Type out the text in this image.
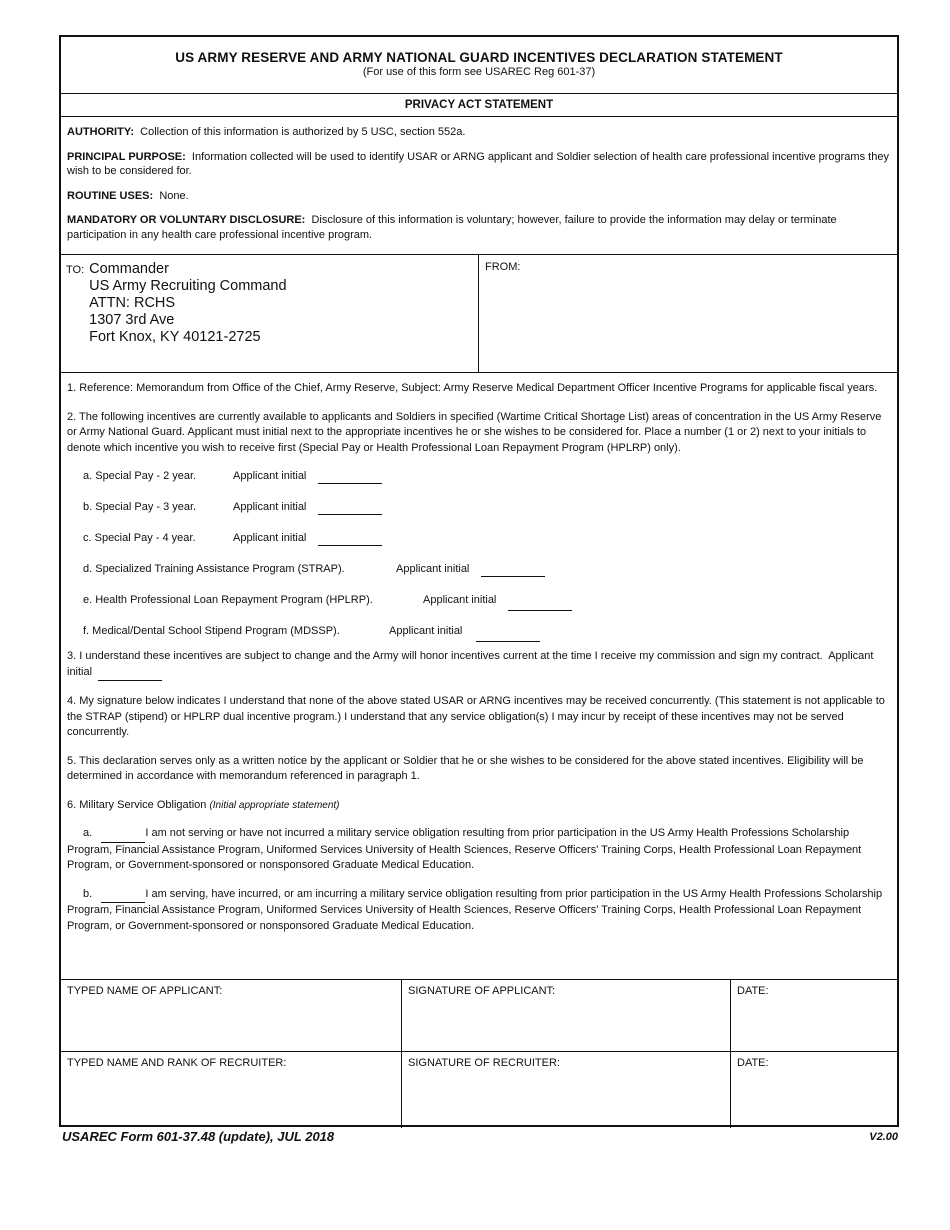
US ARMY RESERVE AND ARMY NATIONAL GUARD INCENTIVES DECLARATION STATEMENT
(For use of this form see USAREC Reg 601-37)
PRIVACY ACT STATEMENT

AUTHORITY: Collection of this information is authorized by 5 USC, section 552a.

PRINCIPAL PURPOSE: Information collected will be used to identify USAR or ARNG applicant and Soldier selection of health care professional incentive programs they wish to be considered for.

ROUTINE USES: None.

MANDATORY OR VOLUNTARY DISCLOSURE: Disclosure of this information is voluntary; however, failure to provide the information may delay or terminate participation in any health care professional incentive program.

TO: Commander
US Army Recruiting Command
ATTN: RCHS
1307 3rd Ave
Fort Knox, KY 40121-2725
FROM:

1. Reference: Memorandum from Office of the Chief, Army Reserve, Subject: Army Reserve Medical Department Officer Incentive Programs for applicable fiscal years.

2. The following incentives are currently available to applicants and Soldiers in specified (Wartime Critical Shortage List) areas of concentration in the US Army Reserve or Army National Guard. Applicant must initial next to the appropriate incentives he or she wishes to be considered for. Place a number (1 or 2) next to your initials to denote which incentive you wish to receive first (Special Pay or Health Professional Loan Repayment Program (HPLRP) only).

a. Special Pay - 2 year.	Applicant initial
b. Special Pay - 3 year.	Applicant initial
c. Special Pay - 4 year.	Applicant initial
d. Specialized Training Assistance Program (STRAP).	Applicant initial
e. Health Professional Loan Repayment Program (HPLRP).	Applicant initial
f. Medical/Dental School Stipend Program (MDSSP).	Applicant initial

3. I understand these incentives are subject to change and the Army will honor incentives current at the time I receive my commission and sign my contract. Applicant initial

4. My signature below indicates I understand that none of the above stated USAR or ARNG incentives may be received concurrently. (This statement is not applicable to the STRAP (stipend) or HPLRP dual incentive program.) I understand that any service obligation(s) I may incur by receipt of these incentives may not be served concurrently.

5. This declaration serves only as a written notice by the applicant or Soldier that he or she wishes to be considered for the above stated incentives. Eligibility will be determined in accordance with memorandum referenced in paragraph 1.

6. Military Service Obligation (Initial appropriate statement)

a.	I am not serving or have not incurred a military service obligation resulting from prior participation in the US Army Health Professions Scholarship Program, Financial Assistance Program, Uniformed Services University of Health Sciences, Reserve Officers' Training Corps, Health Professional Loan Repayment Program, or Government-sponsored or nonsponsored Graduate Medical Education.

b.	I am serving, have incurred, or am incurring a military service obligation resulting from prior participation in the US Army Health Professions Scholarship Program, Financial Assistance Program, Uniformed Services University of Health Sciences, Reserve Officers' Training Corps, Health Professional Loan Repayment Program, or Government-sponsored or nonsponsored Graduate Medical Education.

TYPED NAME OF APPLICANT:	SIGNATURE OF APPLICANT:	DATE:
TYPED NAME AND RANK OF RECRUITER:	SIGNATURE OF RECRUITER:	DATE:
USAREC Form 601-37.48 (update), JUL 2018	V2.00
